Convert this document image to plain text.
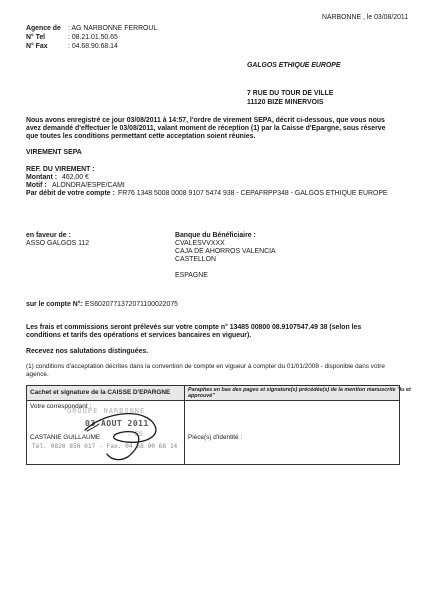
NARBONNE , le 03/08/2011
Agence de : AG NARBONNE FERROUL
N° Tel	: 08.21.01.50.65
N° Fax	: 04.68.90.68.14
GALGOS ETHIQUE EUROPE
7 RUE DU TOUR DE VILLE
11120 BIZE MINERVOIS
Nous avons enregistré ce jour 03/08/2011 à 14:57, l'ordre de virement SEPA, décrit ci-dessous, que vous nous
avez demandé d'effectuer le 03/08/2011, valant moment de réception (1) par la Caisse d'Epargne, sous réserve
que toutes les conditions permettant cette acceptation soient réunies.
VIREMENT SEPA
REF. DU VIREMENT :
Montant : 462,00 €
Motif : ALONDRA/ESPE/CAMI
Par débit de votre compte : FR76 1348 5008 0008 9107 5474 938 - CEPAFRPP348 - GALGOS ETHIQUE EUROPE
en faveur de :
ASSO GALGOS 112
Banque du Bénéficiaire :
CVALESVVXXX
CAJA DE AHORROS VALENCIA
CASTELLON
ESPAGNE
sur le compte N°: ES6020771372071100022075
Les frais et commissions seront prélevés sur votre compte n° 13485 00800 08.9107547.49 38 (selon les
conditions et tarifs des opérations et services bancaires en vigueur).
Recevez nos salutations distinguées.
(1) conditions d'acceptation décrites dans la convention de compte en vigueur à compter du 01/01/2008 - disponible dans votre
agence.
Cachet et signature de la CAISSE D'EPARGNE	Paraphes en bas des pages et signature(s) précédée(s) de la mention manuscrite "lu et
approuvé"
Votre correspondant :
CASTANIE GUILLAUME	Pièce(s) d'identité :
GROUPE NARBONNE
03 AOUT 2011
- ES
Tél. 0820 850 017 - Fax. 04 68 90 68 14
